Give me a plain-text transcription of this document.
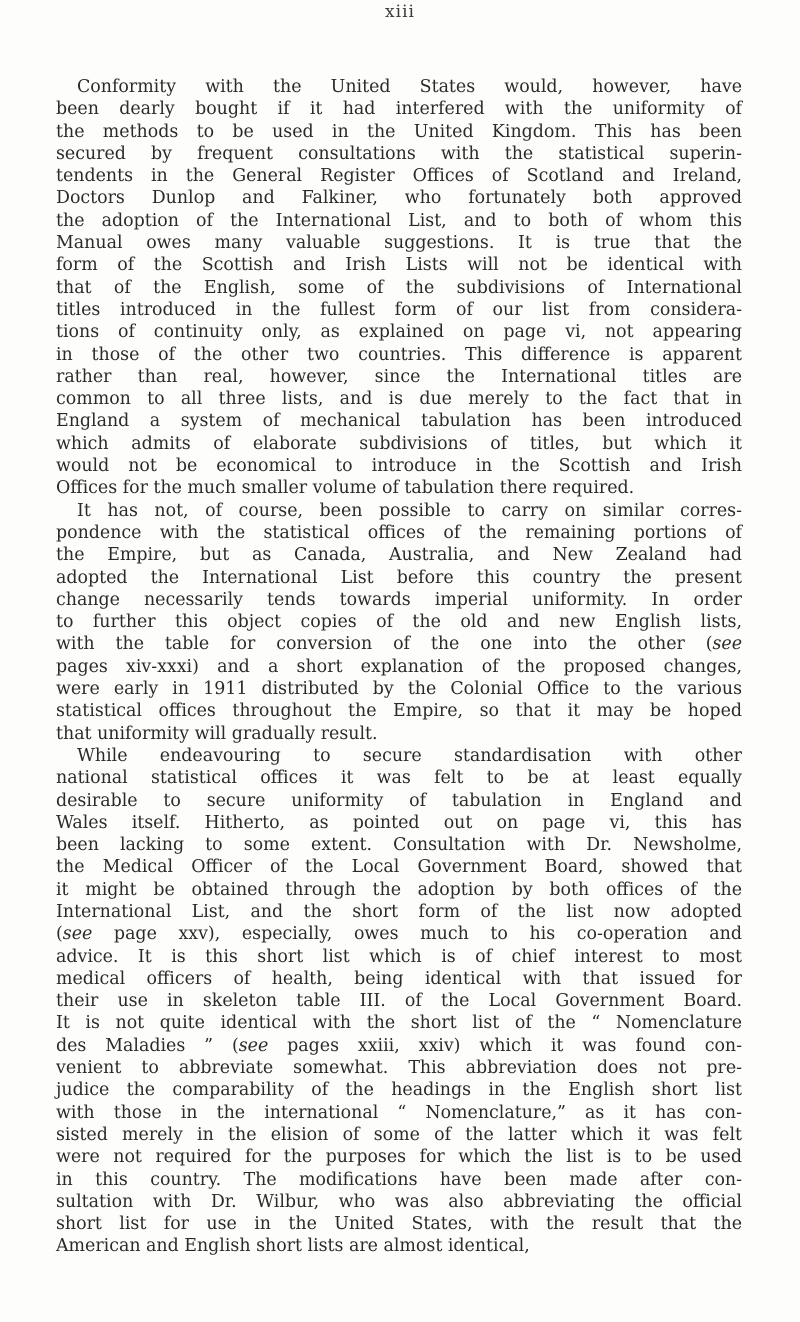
xiii
Conformity with the United States would, however, have
been dearly bought if it had interfered with the uniformity of
the methods to be used in the United Kingdom. This has been
secured by frequent consultations with the statistical superin-
tendents in the General Register Offices of Scotland and Ireland,
Doctors Dunlop and Falkiner, who fortunately both approved
the adoption of the International List, and to both of whom this
Manual owes many valuable suggestions. It is true that the
form of the Scottish and Irish Lists will not be identical with
that of the English, some of the subdivisions of International
titles introduced in the fullest form of our list from considera-
tions of continuity only, as explained on page vi, not appearing
in those of the other two countries. This difference is apparent
rather than real, however, since the International titles are
common to all three lists, and is due merely to the fact that in
England a system of mechanical tabulation has been introduced
which admits of elaborate subdivisions of titles, but which it
would not be economical to introduce in the Scottish and Irish
Offices for the much smaller volume of tabulation there required.
It has not, of course, been possible to carry on similar corres-
pondence with the statistical offices of the remaining portions of
the Empire, but as Canada, Australia, and New Zealand had
adopted the International List before this country the present
change necessarily tends towards imperial uniformity. In order
to further this object copies of the old and new English lists,
with the table for conversion of the one into the other (see
pages xiv-xxxi) and a short explanation of the proposed changes,
were early in 1911 distributed by the Colonial Office to the various
statistical offices throughout the Empire, so that it may be hoped
that uniformity will gradually result.
While endeavouring to secure standardisation with other
national statistical offices it was felt to be at least equally
desirable to secure uniformity of tabulation in England and
Wales itself. Hitherto, as pointed out on page vi, this has
been lacking to some extent. Consultation with Dr. Newsholme,
the Medical Officer of the Local Government Board, showed that
it might be obtained through the adoption by both offices of the
International List, and the short form of the list now adopted
(see page xxv), especially, owes much to his co-operation and
advice. It is this short list which is of chief interest to most
medical officers of health, being identical with that issued for
their use in skeleton table III. of the Local Government Board.
It is not quite identical with the short list of the “ Nomenclature
des Maladies ” (see pages xxiii, xxiv) which it was found con-
venient to abbreviate somewhat. This abbreviation does not pre-
judice the comparability of the headings in the English short list
with those in the international “ Nomenclature,” as it has con-
sisted merely in the elision of some of the latter which it was felt
were not required for the purposes for which the list is to be used
in this country. The modifications have been made after con-
sultation with Dr. Wilbur, who was also abbreviating the official
short list for use in the United States, with the result that the
American and English short lists are almost identical,
